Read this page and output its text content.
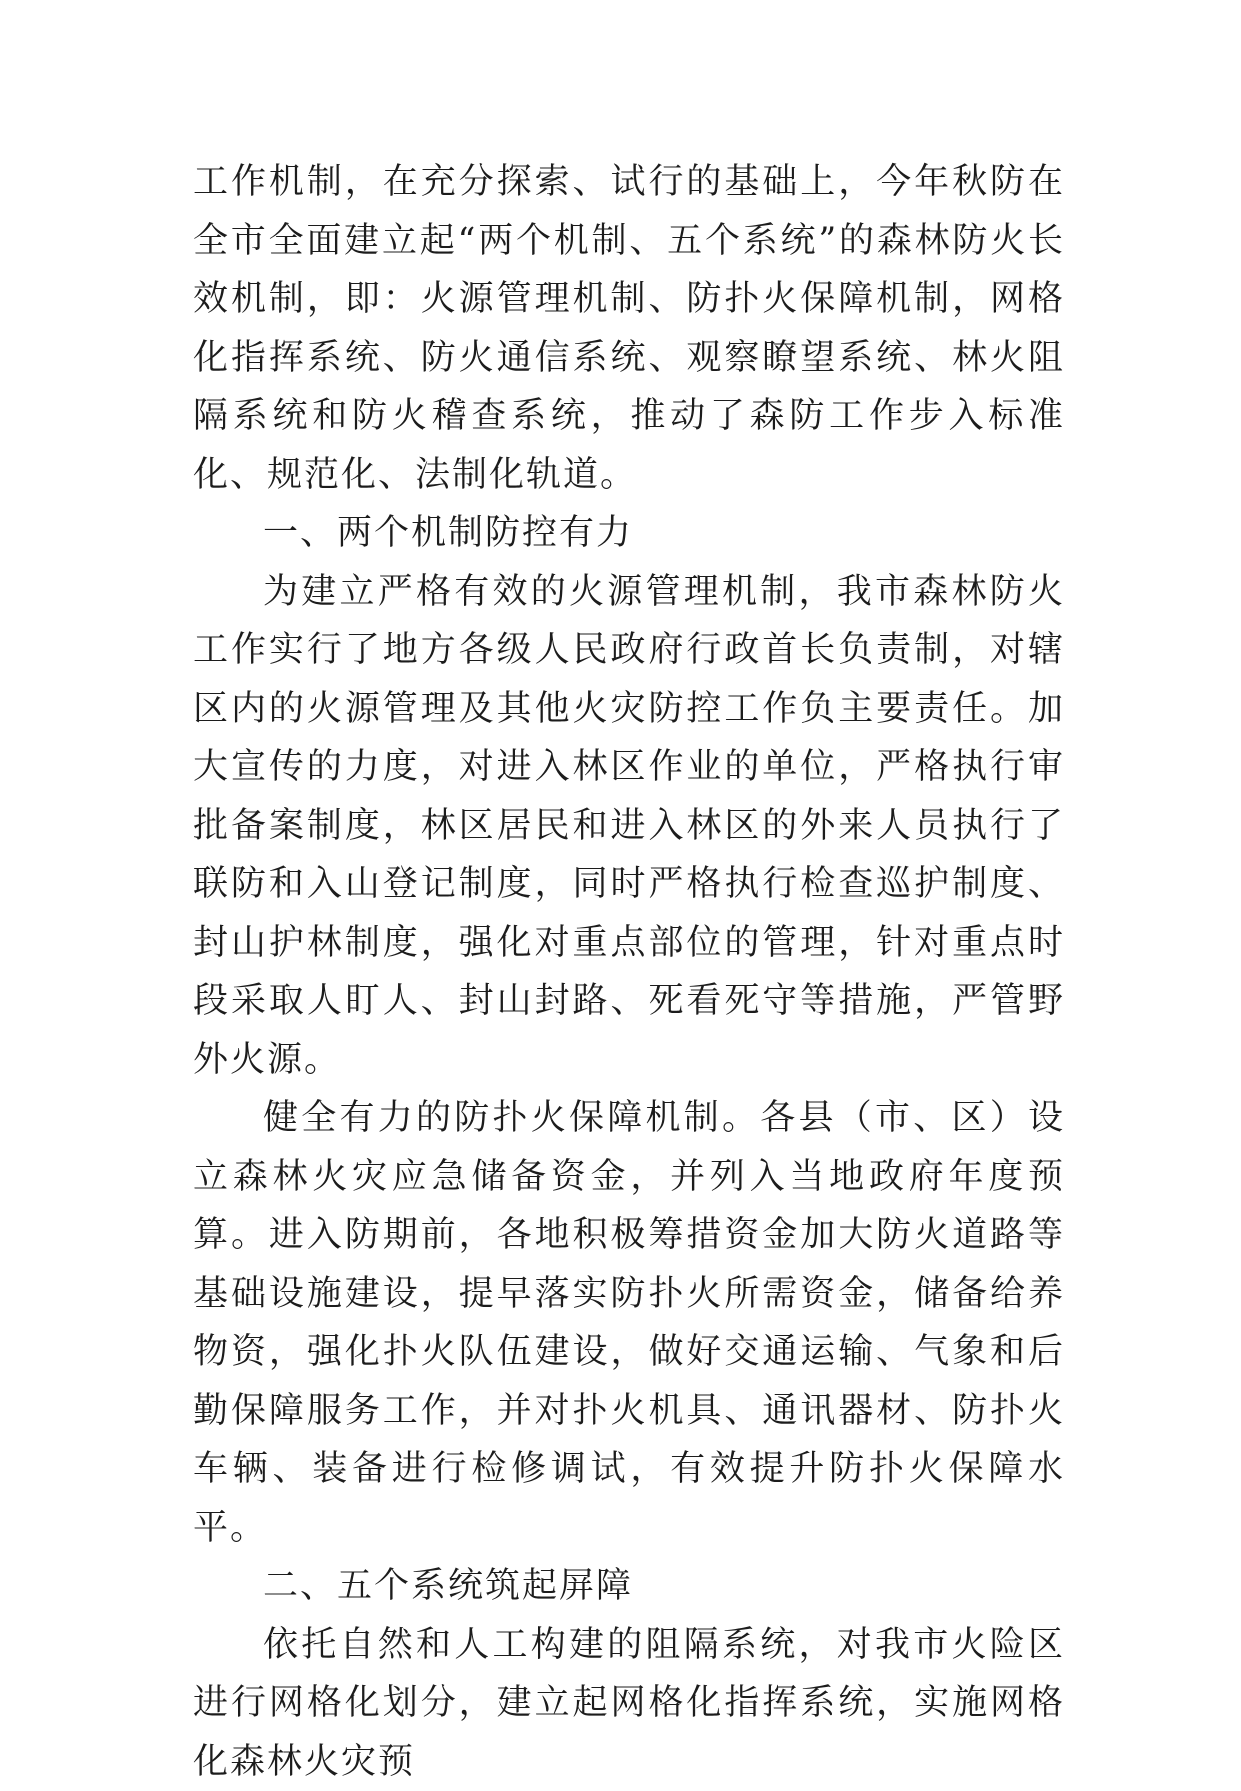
工作机制，在充分探索、试行的基础上，今年秋防在全市全面建立起“两个机制、五个系统”的森林防火长效机制，即：火源管理机制、防扑火保障机制，网格化指挥系统、防火通信系统、观察瞭望系统、林火阻隔系统和防火稽查系统，推动了森防工作步入标准化、规范化、法制化轨道。

一、两个机制防控有力

为建立严格有效的火源管理机制，我市森林防火工作实行了地方各级人民政府行政首长负责制，对辖区内的火源管理及其他火灾防控工作负主要责任。加大宣传的力度，对进入林区作业的单位，严格执行审批备案制度，林区居民和进入林区的外来人员执行了联防和入山登记制度，同时严格执行检查巡护制度、封山护林制度，强化对重点部位的管理，针对重点时段采取人盯人、封山封路、死看死守等措施，严管野外火源。

健全有力的防扑火保障机制。各县（市、区）设立森林火灾应急储备资金，并列入当地政府年度预算。进入防期前，各地积极筹措资金加大防火道路等基础设施建设，提早落实防扑火所需资金，储备给养物资，强化扑火队伍建设，做好交通运输、气象和后勤保障服务工作，并对扑火机具、通讯器材、防扑火车辆、装备进行检修调试，有效提升防扑火保障水平。

二、五个系统筑起屏障

依托自然和人工构建的阻隔系统，对我市火险区进行网格化划分，建立起网格化指挥系统，实施网格化森林火灾预
